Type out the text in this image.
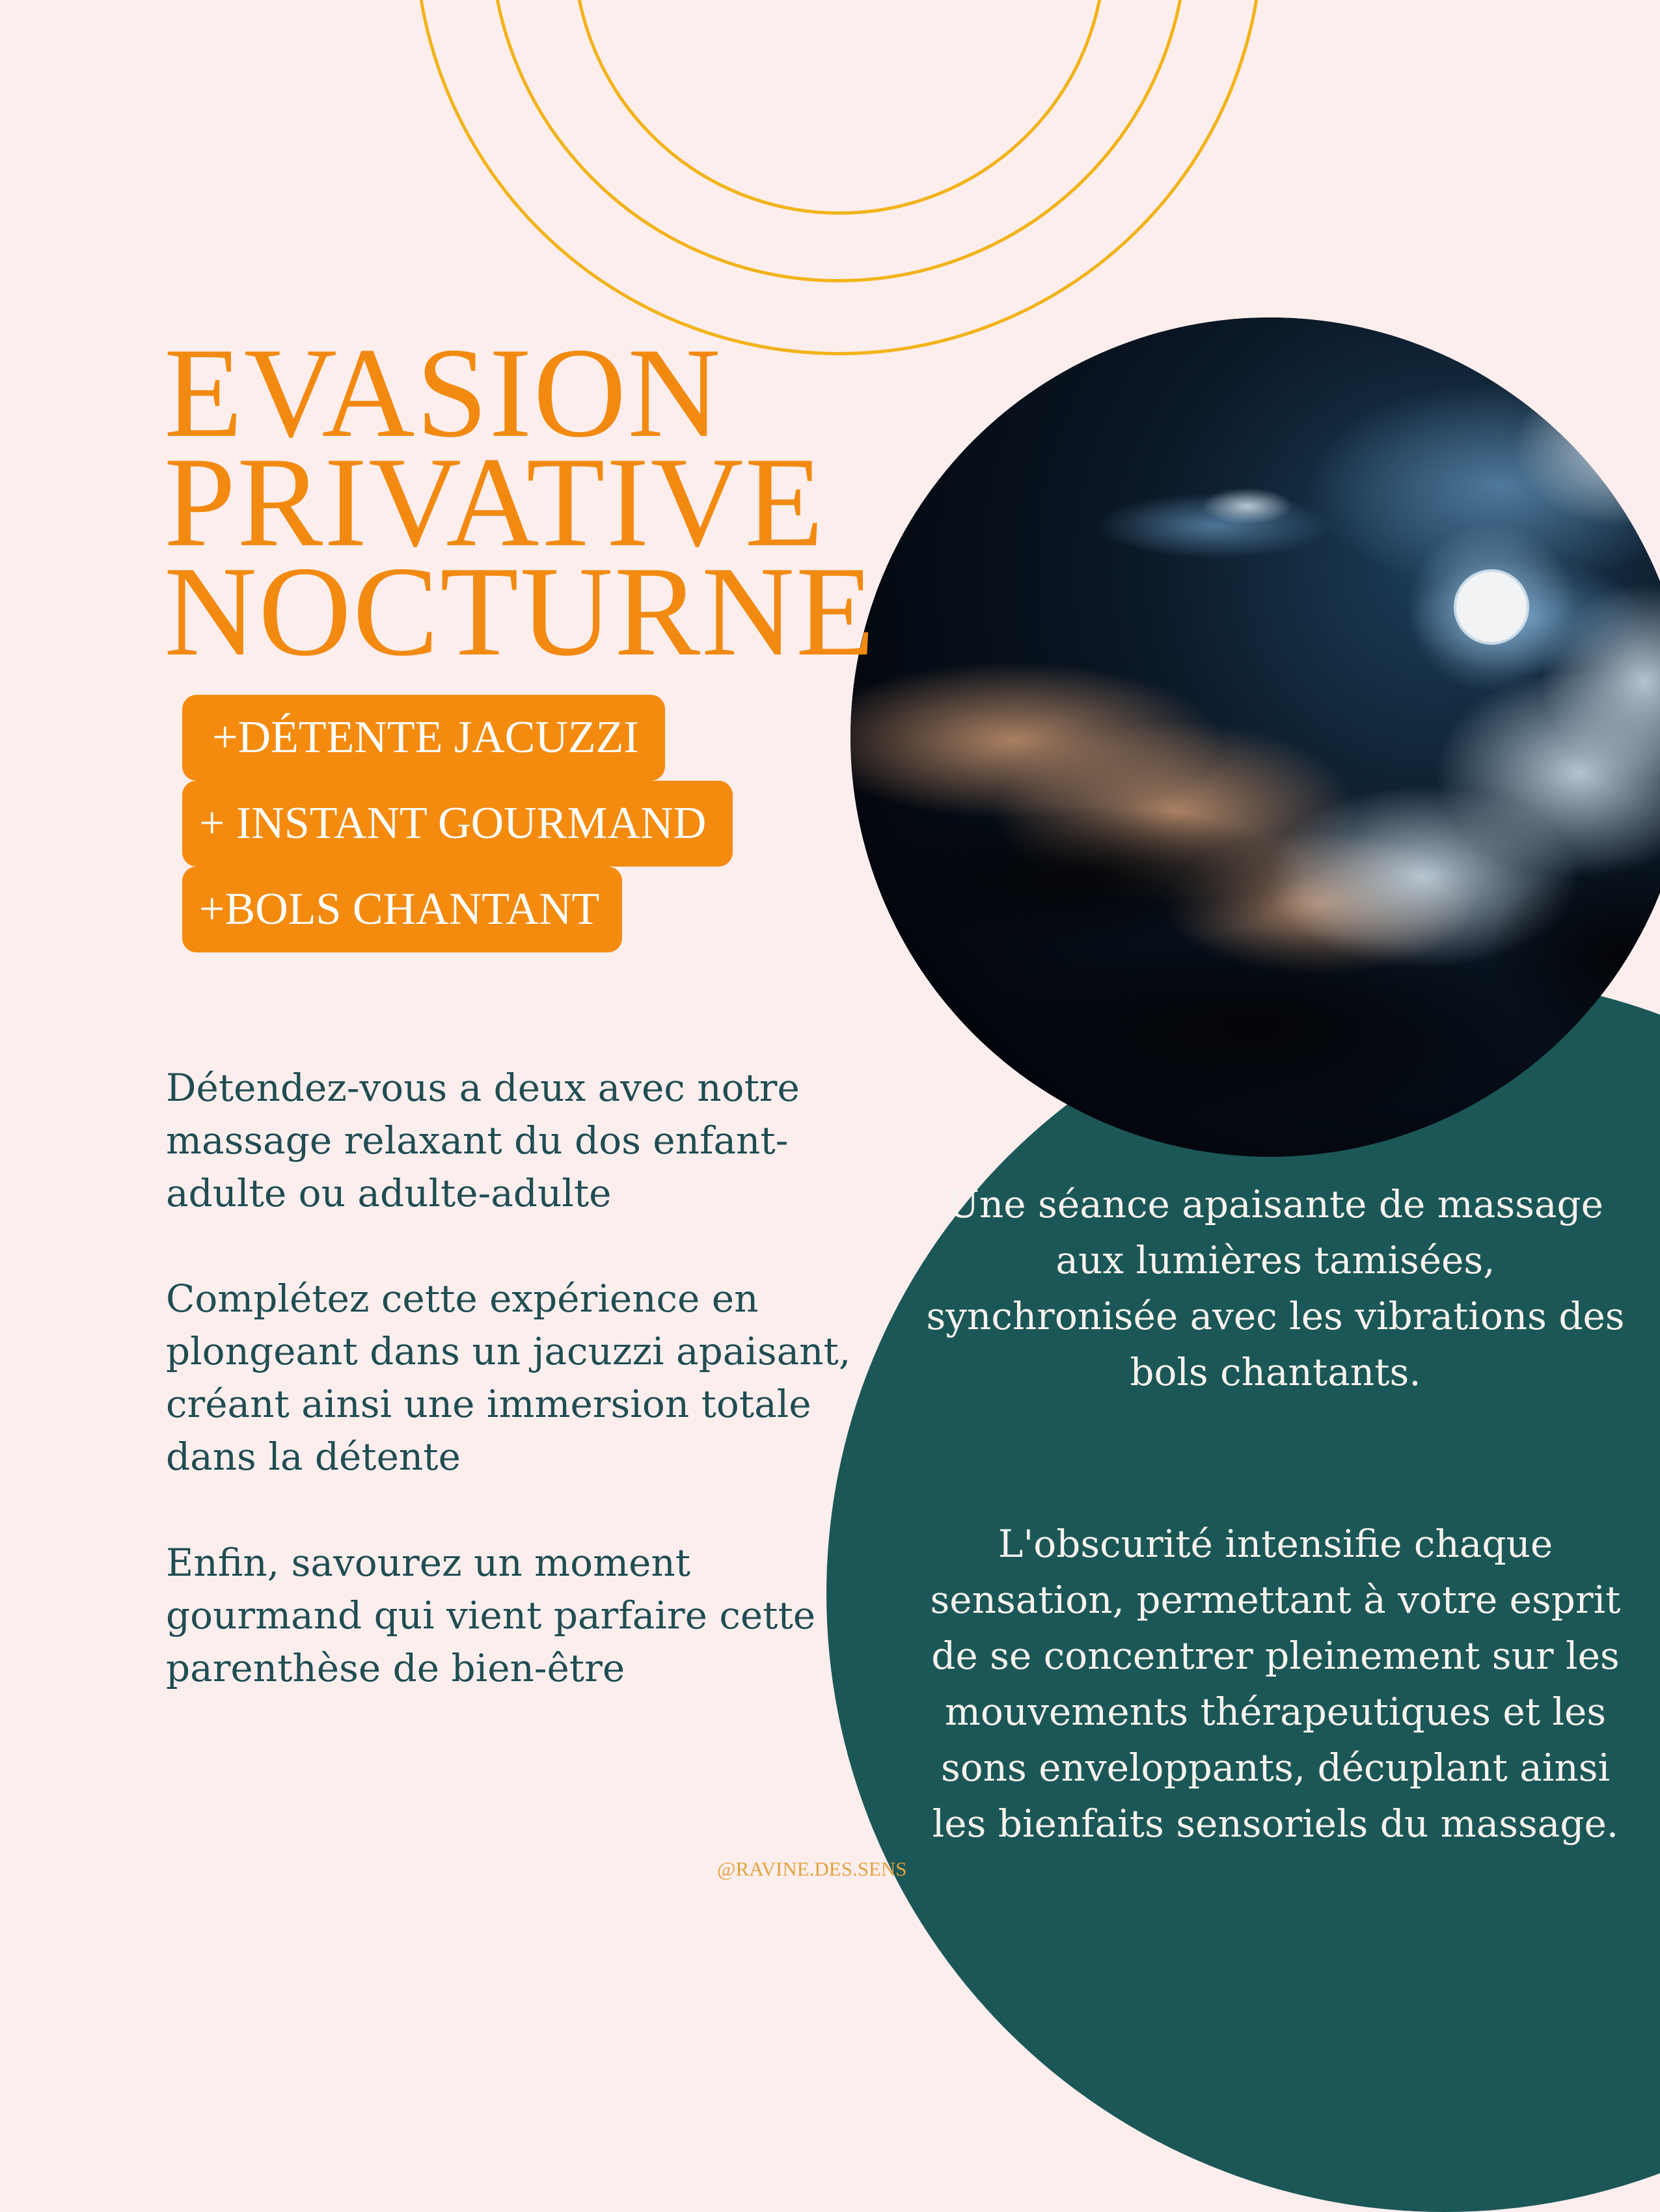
EVASION
PRIVATIVE
NOCTURNE
+DÉTENTE JACUZZI
+ INSTANT GOURMAND
+BOLS CHANTANT

Détendez-vous a deux avec notre massage relaxant du dos enfant-adulte ou adulte-adulte

Complétez cette expérience en plongeant dans un jacuzzi apaisant, créant ainsi une immersion totale dans la détente

Enfin, savourez un moment gourmand qui vient parfaire cette parenthèse de bien-être

Une séance apaisante de massage aux lumières tamisées, synchronisée avec les vibrations des bols chantants.

L'obscurité intensifie chaque sensation, permettant à votre esprit de se concentrer pleinement sur les mouvements thérapeutiques et les sons enveloppants, décuplant ainsi les bienfaits sensoriels du massage.

@RAVINE.DES.SENS
